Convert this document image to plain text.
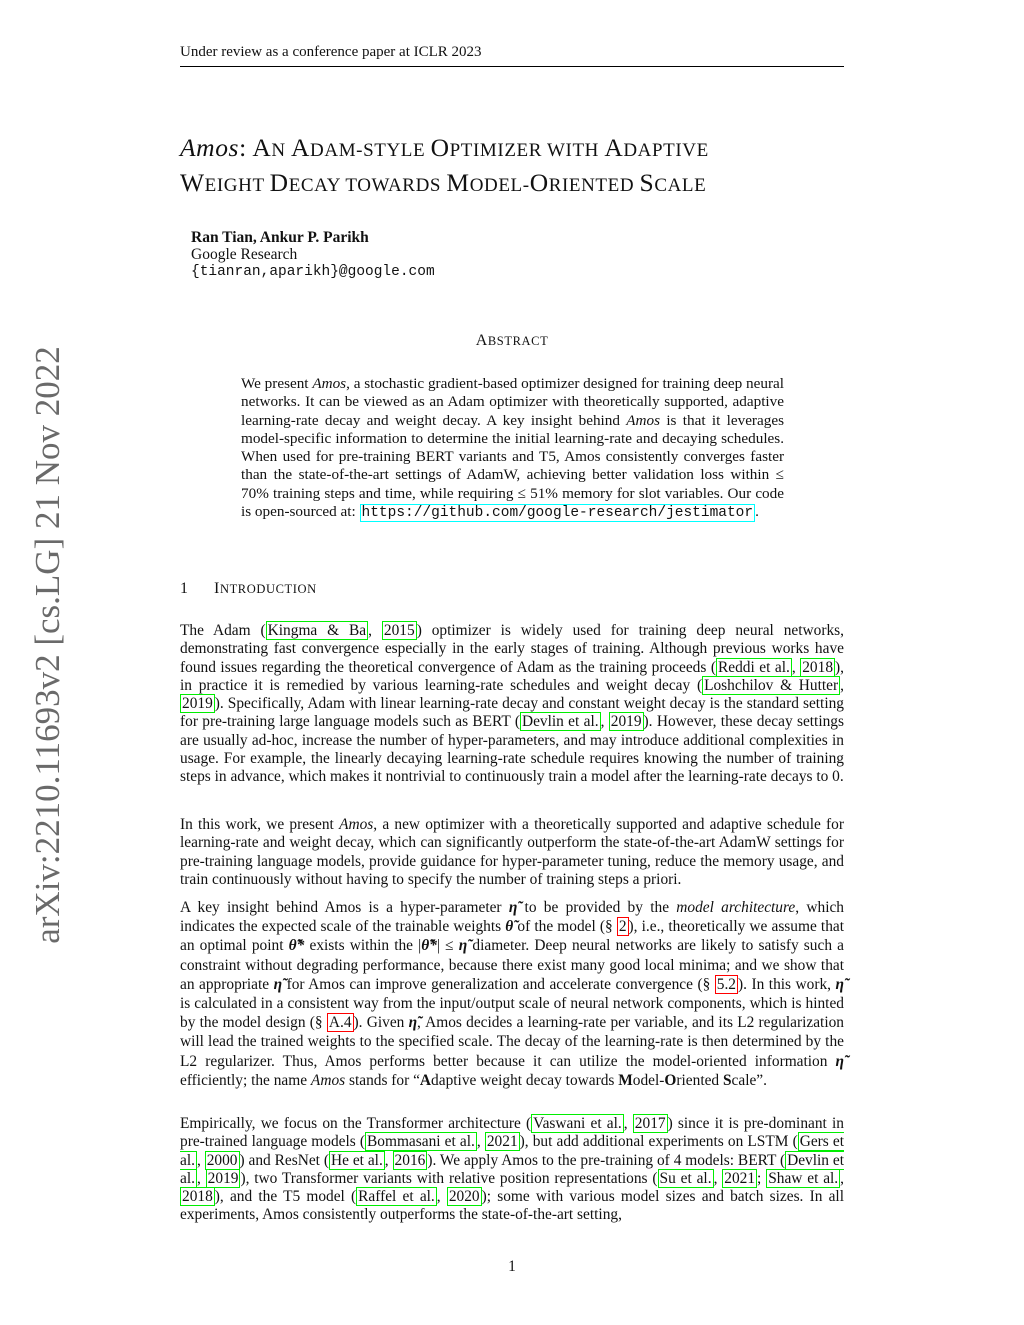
Under review as a conference paper at ICLR 2023
Amos: AN ADAM-STYLE OPTIMIZER WITH ADAPTIVE
WEIGHT DECAY TOWARDS MODEL-ORIENTED SCALE
Ran Tian, Ankur P. Parikh
Google Research
{tianran,aparikh}@google.com
ABSTRACT
We present Amos, a stochastic gradient-based optimizer designed for training deep neural networks. It can be viewed as an Adam optimizer with theoretically supported, adaptive learning-rate decay and weight decay. A key insight behind Amos is that it leverages model-specific information to determine the initial learning-rate and decaying schedules. When used for pre-training BERT variants and T5, Amos consistently converges faster than the state-of-the-art settings of AdamW, achieving better validation loss within ≤ 70% training steps and time, while requiring ≤ 51% memory for slot variables. Our code is open-sourced at: https://github.com/google-research/jestimator .
1 INTRODUCTION
The Adam ( Kingma & Ba , 2015 ) optimizer is widely used for training deep neural networks, demonstrating fast convergence especially in the early stages of training. Although previous works have found issues regarding the theoretical convergence of Adam as the training proceeds ( Reddi et al. , 2018 ), in practice it is remedied by various learning-rate schedules and weight decay ( Loshchilov & Hutter , 2019 ). Specifically, Adam with linear learning-rate decay and constant weight decay is the standard setting for pre-training large language models such as BERT ( Devlin et al. , 2019 ). However, these decay settings are usually ad-hoc, increase the number of hyper-parameters, and may introduce additional complexities in usage. For example, the linearly decaying learning-rate schedule requires knowing the number of training steps in advance, which makes it nontrivial to continuously train a model after the learning-rate decays to 0.
In this work, we present Amos, a new optimizer with a theoretically supported and adaptive schedule for learning-rate and weight decay, which can significantly outperform the state-of-the-art AdamW settings for pre-training language models, provide guidance for hyper-parameter tuning, reduce the memory usage, and train continuously without having to specify the number of training steps a priori.
A key insight behind Amos is a hyper-parameter η̃ to be provided by the model architecture, which indicates the expected scale of the trainable weights θ̃ of the model (§ 2 ), i.e., theoretically we assume that an optimal point θ̃* exists within the |θ̃*| ≤ η̃ diameter. Deep neural networks are likely to satisfy such a constraint without degrading performance, because there exist many good local minima; and we show that an appropriate η̃ for Amos can improve generalization and accelerate convergence (§ 5.2 ). In this work, η̃ is calculated in a consistent way from the input/output scale of neural network components, which is hinted by the model design (§ A.4 ). Given η̃, Amos decides a learning-rate per variable, and its L2 regularization will lead the trained weights to the specified scale. The decay of the learning-rate is then determined by the L2 regularizer. Thus, Amos performs better because it can utilize the model-oriented information η̃ efficiently; the name Amos stands for “Adaptive weight decay towards Model-Oriented Scale”.
Empirically, we focus on the Transformer architecture ( Vaswani et al. , 2017 ) since it is pre-dominant in pre-trained language models ( Bommasani et al. , 2021 ), but add additional experiments on LSTM ( Gers et al. , 2000 ) and ResNet ( He et al. , 2016 ). We apply Amos to the pre-training of 4 models: BERT ( Devlin et al. , 2019 ), two Transformer variants with relative position representations ( Su et al. , 2021 ; Shaw et al. , 2018 ), and the T5 model ( Raffel et al. , 2020 ); some with various model sizes and batch sizes. In all experiments, Amos consistently outperforms the state-of-the-art setting,
arXiv:2210.11693v2 [cs.LG] 21 Nov 2022
1
